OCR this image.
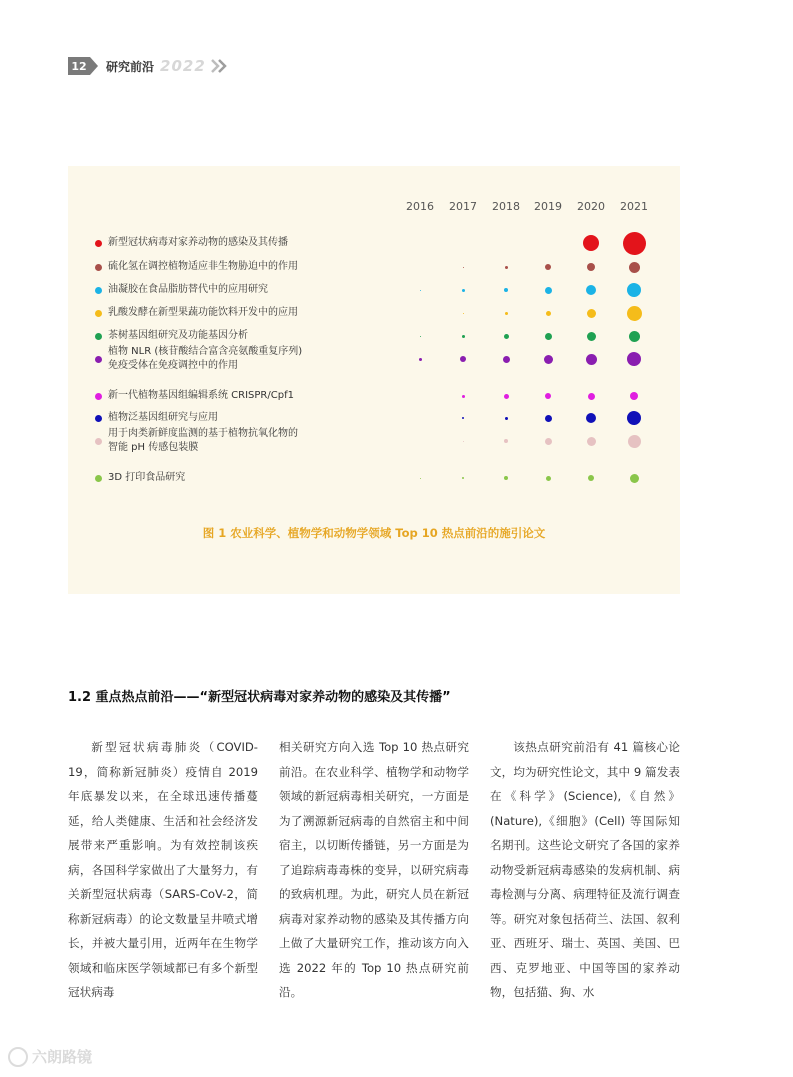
12 研究前沿 2022
2016	2017	2018	2019	2020	2021
新型冠状病毒对家养动物的感染及其传播
硫化氢在调控植物适应非生物胁迫中的作用
油凝胶在食品脂肪替代中的应用研究
乳酸发酵在新型果蔬功能饮料开发中的应用
茶树基因组研究及功能基因分析
植物 NLR (核苷酸结合富含亮氨酸重复序列)
免疫受体在免疫调控中的作用
新一代植物基因组编辑系统 CRISPR/Cpf1
植物泛基因组研究与应用
用于肉类新鲜度监测的基于植物抗氧化物的
智能 pH 传感包装膜
3D 打印食品研究
图 1 农业科学、植物学和动物学领域 Top 10 热点前沿的施引论文
1.2 重点热点前沿——“新型冠状病毒对家养动物的感染及其传播”

新型冠状病毒肺炎（COVID-19，简称新冠肺炎）疫情自 2019 年底暴发以来，在全球迅速传播蔓延，给人类健康、生活和社会经济发展带来严重影响。为有效控制该疾病，各国科学家做出了大量努力，有关新型冠状病毒（SARS-CoV-2，简称新冠病毒）的论文数量呈井喷式增长，并被大量引用，近两年在生物学领域和临床医学领域都已有多个新型冠状病毒

相关研究方向入选 Top 10 热点研究前沿。在农业科学、植物学和动物学领域的新冠病毒相关研究，一方面是为了溯源新冠病毒的自然宿主和中间宿主，以切断传播链，另一方面是为了追踪病毒毒株的变异，以研究病毒的致病机理。为此，研究人员在新冠病毒对家养动物的感染及其传播方向上做了大量研究工作，推动该方向入选 2022 年的 Top 10 热点研究前沿。

该热点研究前沿有 41 篇核心论文，均为研究性论文，其中 9 篇发表在《科学》(Science),《自然》(Nature),《细胞》(Cell) 等国际知名期刊。这些论文研究了各国的家养动物受新冠病毒感染的发病机制、病毒检测与分离、病理特征及流行调查等。研究对象包括荷兰、法国、叙利亚、西班牙、瑞士、英国、美国、巴西、克罗地亚、中国等国的家养动物，包括猫、狗、水

六朗路镜
